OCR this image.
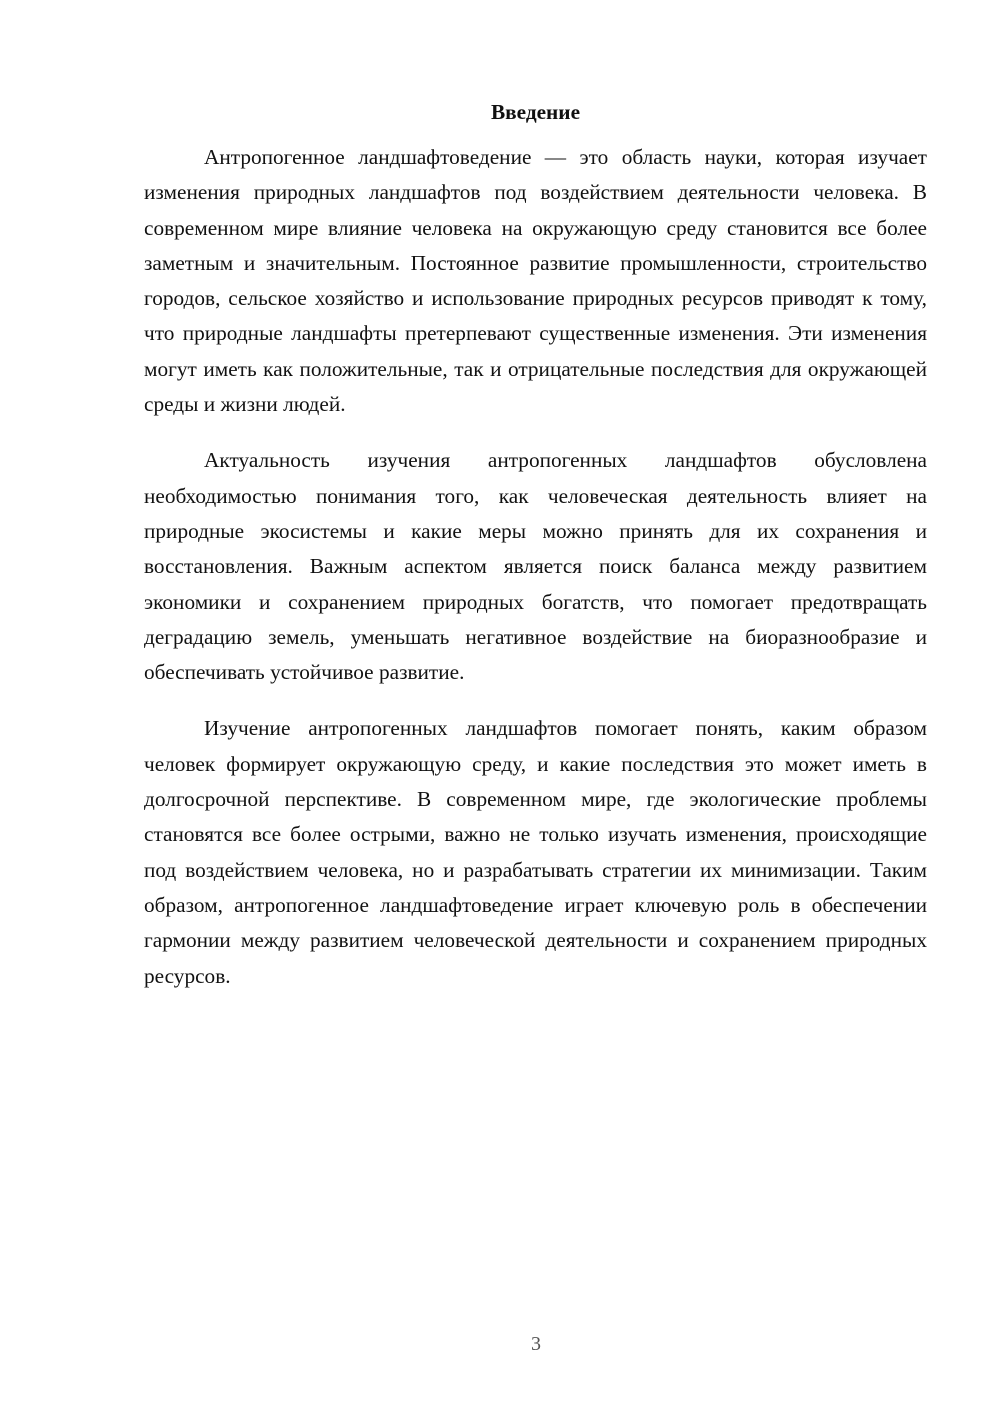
Введение

Антропогенное ландшафтоведение — это область науки, которая изучает изменения природных ландшафтов под воздействием деятельности человека. В современном мире влияние человека на окружающую среду становится все более заметным и значительным. Постоянное развитие промышленности, строительство городов, сельское хозяйство и использование природных ресурсов приводят к тому, что природные ландшафты претерпевают существенные изменения. Эти изменения могут иметь как положительные, так и отрицательные последствия для окружающей среды и жизни людей.

Актуальность изучения антропогенных ландшафтов обусловлена необходимостью понимания того, как человеческая деятельность влияет на природные экосистемы и какие меры можно принять для их сохранения и восстановления. Важным аспектом является поиск баланса между развитием экономики и сохранением природных богатств, что помогает предотвращать деградацию земель, уменьшать негативное воздействие на биоразнообразие и обеспечивать устойчивое развитие.

Изучение антропогенных ландшафтов помогает понять, каким образом человек формирует окружающую среду, и какие последствия это может иметь в долгосрочной перспективе. В современном мире, где экологические проблемы становятся все более острыми, важно не только изучать изменения, происходящие под воздействием человека, но и разрабатывать стратегии их минимизации. Таким образом, антропогенное ландшафтоведение играет ключевую роль в обеспечении гармонии между развитием человеческой деятельности и сохранением природных ресурсов.

3
